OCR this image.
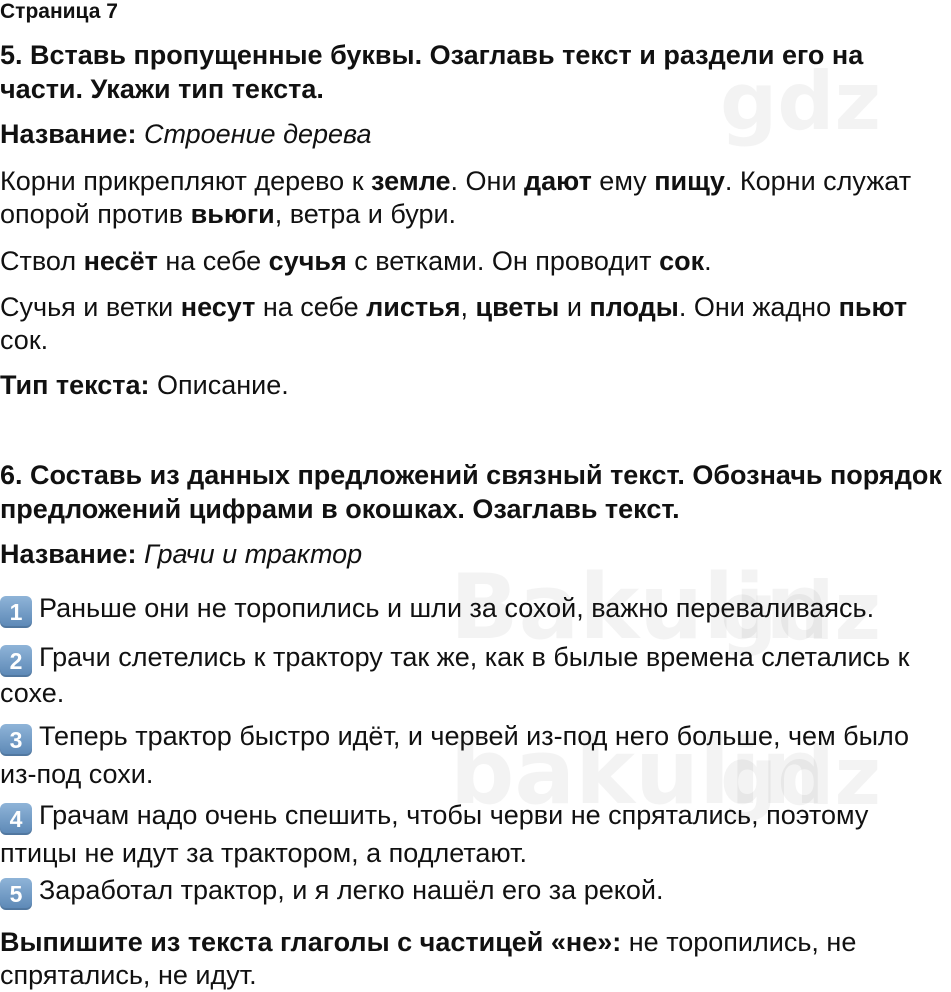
Страница 7
5. Вставь пропущенные буквы. Озаглавь текст и раздели его на части. Укажи тип текста.
Название: Строение дерева
Корни прикрепляют дерево к земле. Они дают ему пищу. Корни служат опорой против вьюги, ветра и бури.
Ствол несёт на себе сучья с ветками. Он проводит сок.
Сучья и ветки несут на себе листья, цветы и плоды. Они жадно пьют сок.
Тип текста: Описание.
6. Составь из данных предложений связный текст. Обозначь порядок предложений цифрами в окошках. Озаглавь текст.
Название: Грачи и трактор
1 Раньше они не торопились и шли за сохой, важно переваливаясь.
2 Грачи слетелись к трактору так же, как в былые времена слетались к сохе.
3 Теперь трактор быстро идёт, и червей из-под него больше, чем было из-под сохи.
4 Грачам надо очень спешить, чтобы черви не спрятались, поэтому птицы не идут за трактором, а подлетают.
5 Заработал трактор, и я легко нашёл его за рекой.
Выпишите из текста глаголы с частицей «не»: не торопились, не спрятались, не идут.
